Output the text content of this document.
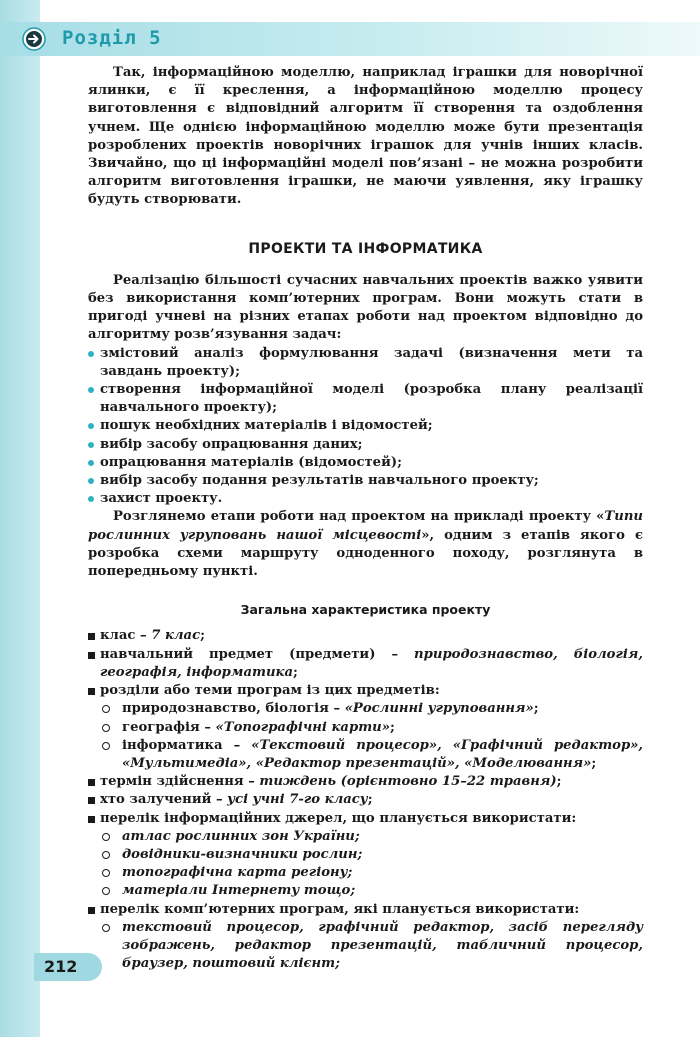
Розділ 5

Так, інформаційною моделлю, наприклад іграшки для новорічної ялинки, є її креслення, а інформаційною моделлю процесу виготовлення є відповідний алгоритм її створення та оздоблення учнем. Ще однією інформаційною моделлю може бути презентація розроблених проектів новорічних іграшок для учнів інших класів. Звичайно, що ці інформаційні моделі пов’язані – не можна розробити алгоритм виготовлення іграшки, не маючи уявлення, яку іграшку будуть створювати.

ПРОЕКТИ ТА ІНФОРМАТИКА

Реалізацію більшості сучасних навчальних проектів важко уявити без використання комп’ютерних програм. Вони можуть стати в пригоді учневі на різних етапах роботи над проектом відповідно до алгоритму розв’язування задач:

змістовий аналіз формулювання задачі (визначення мети та завдань проекту);
створення інформаційної моделі (розробка плану реалізації навчального проекту);
пошук необхідних матеріалів і відомостей;
вибір засобу опрацювання даних;
опрацювання матеріалів (відомостей);
вибір засобу подання результатів навчального проекту;
захист проекту.

Розглянемо етапи роботи над проектом на прикладі проекту «Типи рослинних угруповань нашої місцевості», одним з етапів якого є розробка схеми маршруту одноденного походу, розглянута в попередньому пункті.

Загальна характеристика проекту
клас – 7 клас;
навчальний предмет (предмети) – природознавство, біологія, географія, інформатика;
розділи або теми програм із цих предметів:
природознавство, біологія – «Рослинні угруповання»;
географія – «Топографічні карти»;
інформатика – «Текстовий процесор», «Графічний редактор», «Мультимедіа», «Редактор презентацій», «Моделювання»;
термін здійснення – тиждень (орієнтовно 15–22 травня);
хто залучений – усі учні 7-го класу;
перелік інформаційних джерел, що планується використати:
атлас рослинних зон України;
довідники-визначники рослин;
топографічна карта регіону;
матеріали Інтернету тощо;
перелік комп’ютерних програм, які планується використати:
текстовий процесор, графічний редактор, засіб перегляду зображень, редактор презентацій, табличний процесор, браузер, поштовий клієнт;
212
